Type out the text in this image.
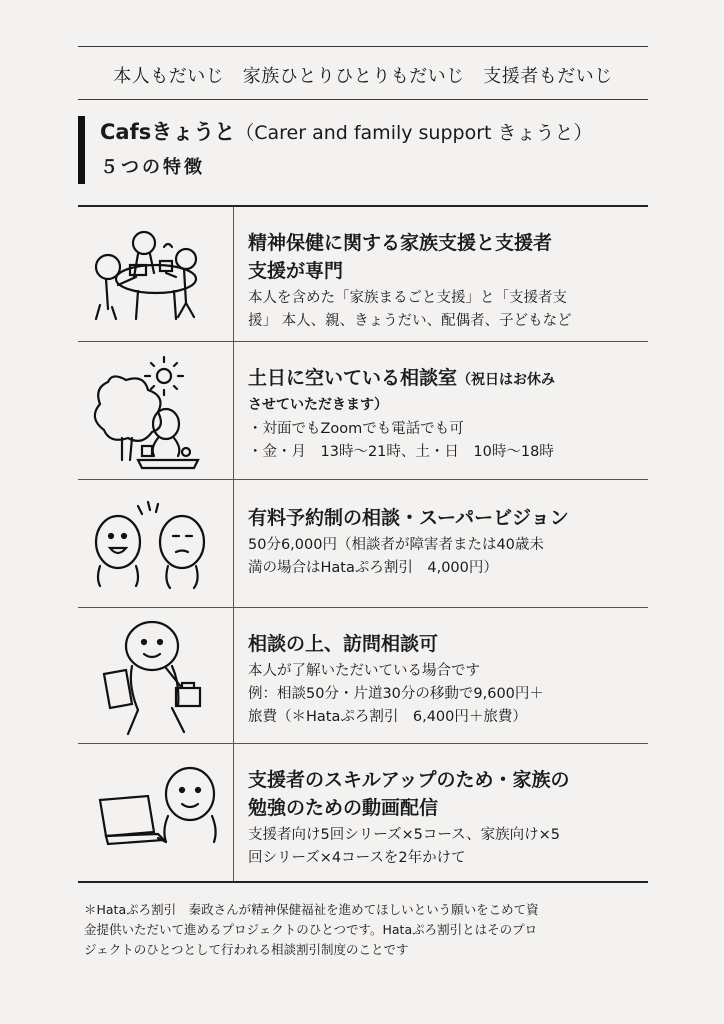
本人もだいじ　家族ひとりひとりもだいじ　支援者もだいじ
Cafsきょうと（Carer and family support きょうと）
５つの特徴
精神保健に関する家族支援と支援者
支援が専門
本人を含めた「家族まるごと支援」と「支援者支
援」 本人、親、きょうだい、配偶者、子どもなど
土日に空いている相談室（祝日はお休み
させていただきます）
・対面でもZoomでも電話でも可
・金・月　13時～21時、土・日　10時～18時
有料予約制の相談・スーパービジョン
50分6,000円（相談者が障害者または40歳未
満の場合はHataぷろ割引　4,000円）
相談の上、訪問相談可
本人が了解いただいている場合です
例：相談50分・片道30分の移動で9,600円＋
旅費（＊Hataぷろ割引　6,400円＋旅費）
支援者のスキルアップのため・家族の
勉強のための動画配信
支援者向け5回シリーズ×5コース、家族向け×5
回シリーズ×4コースを2年かけて
＊Hataぷろ割引　秦政さんが精神保健福祉を進めてほしいという願いをこめて資
金提供いただいて進めるプロジェクトのひとつです。Hataぷろ割引とはそのプロ
ジェクトのひとつとして行われる相談割引制度のことです
